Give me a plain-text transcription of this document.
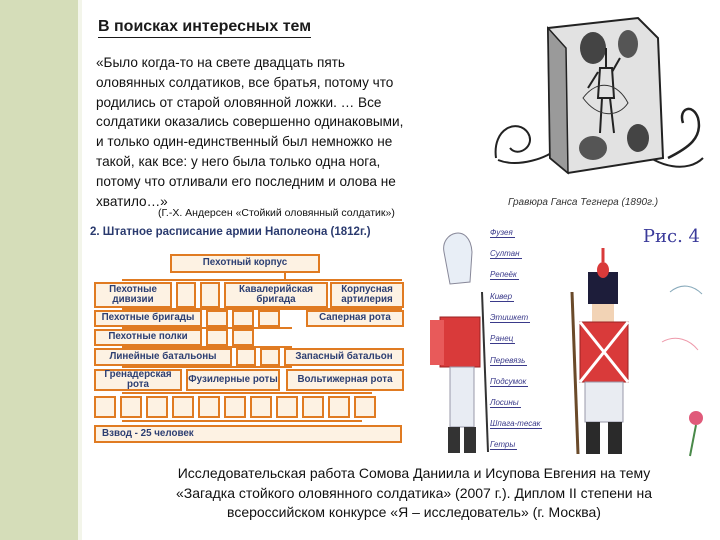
В поисках интересных тем
«Было когда-то на свете двадцать пять
оловянных солдатиков, все братья, потому что
родились от старой оловянной ложки. … Все
солдатики оказались совершенно одинаковыми,
и только один-единственный был немножко не
такой, как все: у него была только одна нога,
потому что отливали его последним и олова не
хватило…»
(Г.-Х. Андерсен «Стойкий оловянный солдатик»)
Гравюра Ганса Тегнера (1890г.)
2. Штатное расписание армии Наполеона (1812г.)
Пехотный корпус
Пехотные дивизии
Кавалерийская бригада
Корпусная артилерия
Пехотные бригады	Саперная рота
Пехотные полки
Линейные батальоны	Запасный батальон
Гренадерская рота	Фузилерные роты	Вольтижерная рота
Взвод - 25 человек
Рис. 4
Фузея
Султан
Репеёк
Кивер
Этишкет
Ранец
Перевязь
Подсумок
Лосины
Шпага-тесак
Гетры
Исследовательская работа Сомова Даниила и Исупова Евгения на тему
«Загадка стойкого оловянного солдатика» (2007 г.). Диплом II степени на
всероссийском конкурсе «Я – исследователь» (г. Москва)
